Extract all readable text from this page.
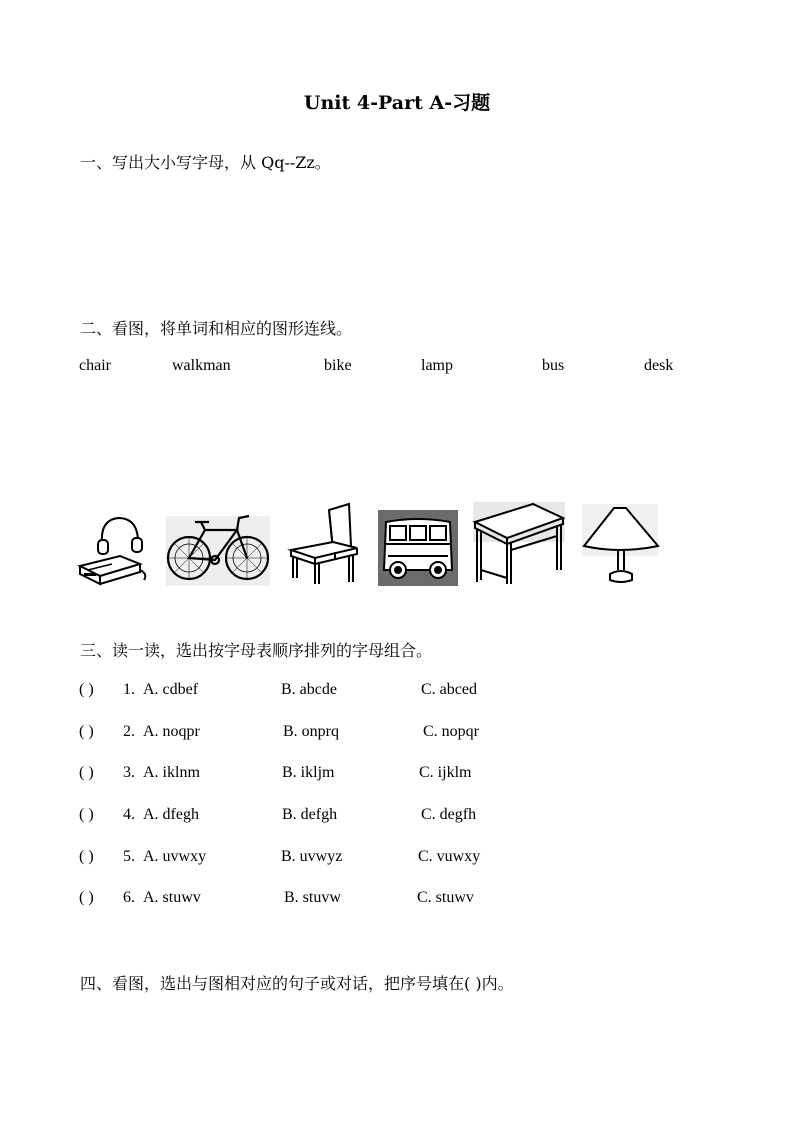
Unit 4-Part A-习题
一、写出大小写字母，从 Qq--Zz。
二、看图，将单词和相应的图形连线。
chair	walkman	bike	lamp	bus	desk
三、读一读，选出按字母表顺序排列的字母组合。
( ) 1. A. cdbef	B. abcde	C. abced
( ) 2. A. noqpr	B. onprq	C. nopqr
( ) 3. A. iklnm	B. ikljm	C. ijklm
( ) 4. A. dfegh	B. defgh	C. degfh
( ) 5. A. uvwxy	B. uvwyz	C. vuwxy
( ) 6. A. stuwv	B. stuvw	C. stuwv
四、看图，选出与图相对应的句子或对话，把序号填在( )内。
